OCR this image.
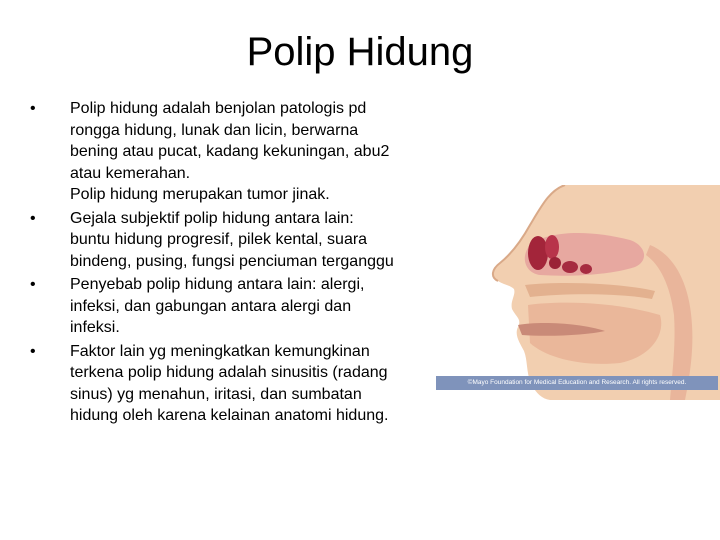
Polip Hidung
• Polip hidung adalah benjolan patologis pd
rongga hidung, lunak dan licin, berwarna
bening atau pucat, kadang kekuningan, abu2
atau kemerahan.
Polip hidung merupakan tumor jinak.
• Gejala subjektif polip hidung antara lain:
buntu hidung progresif, pilek kental, suara
bindeng, pusing, fungsi penciuman terganggu
• Penyebab polip hidung antara lain: alergi,
infeksi, dan gabungan antara alergi dan
infeksi.
• Faktor lain yg meningkatkan kemungkinan
terkena polip hidung adalah sinusitis (radang
sinus) yg menahun, iritasi, dan sumbatan
hidung oleh karena kelainan anatomi hidung.
©Mayo Foundation for Medical Education and Research. All rights reserved.
